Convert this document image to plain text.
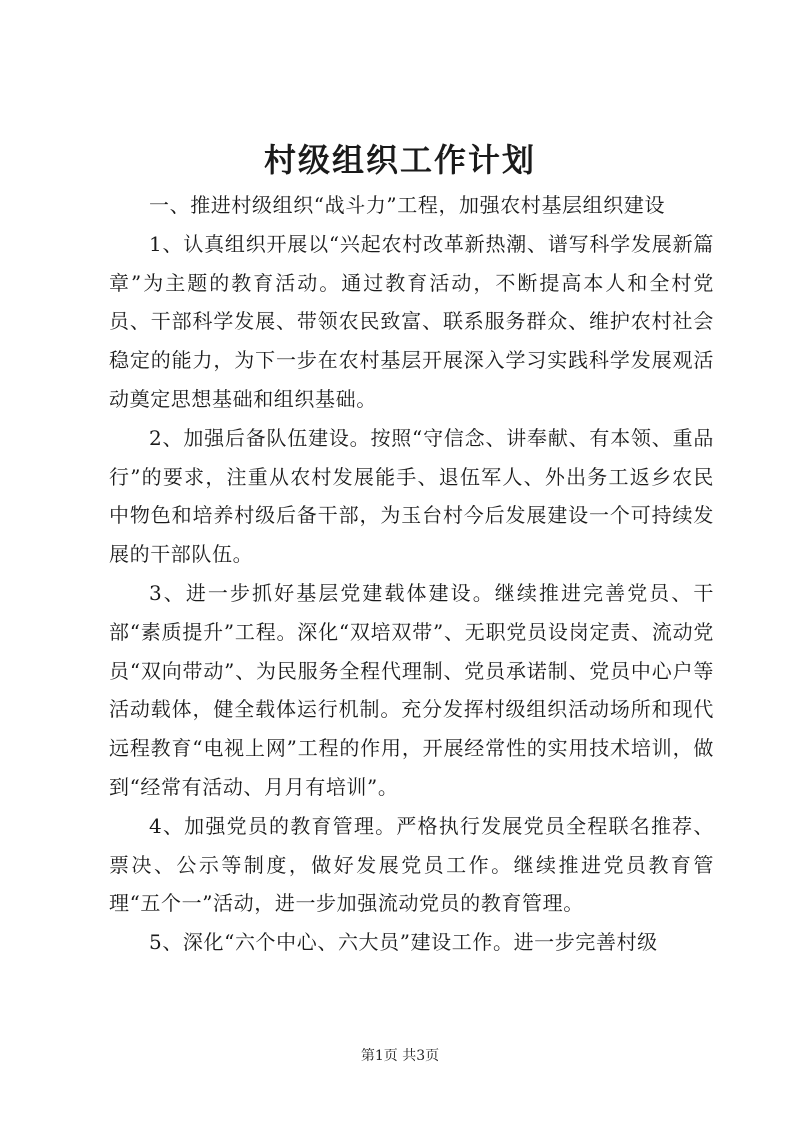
村级组织工作计划

一、推进村级组织“战斗力”工程，加强农村基层组织建设

1、认真组织开展以“兴起农村改革新热潮、谱写科学发展新篇章”为主题的教育活动。通过教育活动，不断提高本人和全村党员、干部科学发展、带领农民致富、联系服务群众、维护农村社会稳定的能力，为下一步在农村基层开展深入学习实践科学发展观活动奠定思想基础和组织基础。

2、加强后备队伍建设。按照“守信念、讲奉献、有本领、重品行”的要求，注重从农村发展能手、退伍军人、外出务工返乡农民中物色和培养村级后备干部，为玉台村今后发展建设一个可持续发展的干部队伍。

3、进一步抓好基层党建载体建设。继续推进完善党员、干部“素质提升”工程。深化“双培双带”、无职党员设岗定责、流动党员“双向带动”、为民服务全程代理制、党员承诺制、党员中心户等活动载体，健全载体运行机制。充分发挥村级组织活动场所和现代远程教育“电视上网”工程的作用，开展经常性的实用技术培训，做到“经常有活动、月月有培训”。

4、加强党员的教育管理。严格执行发展党员全程联名推荐、票决、公示等制度，做好发展党员工作。继续推进党员教育管理“五个一”活动，进一步加强流动党员的教育管理。

5、深化“六个中心、六大员”建设工作。进一步完善村级

第1页 共3页
